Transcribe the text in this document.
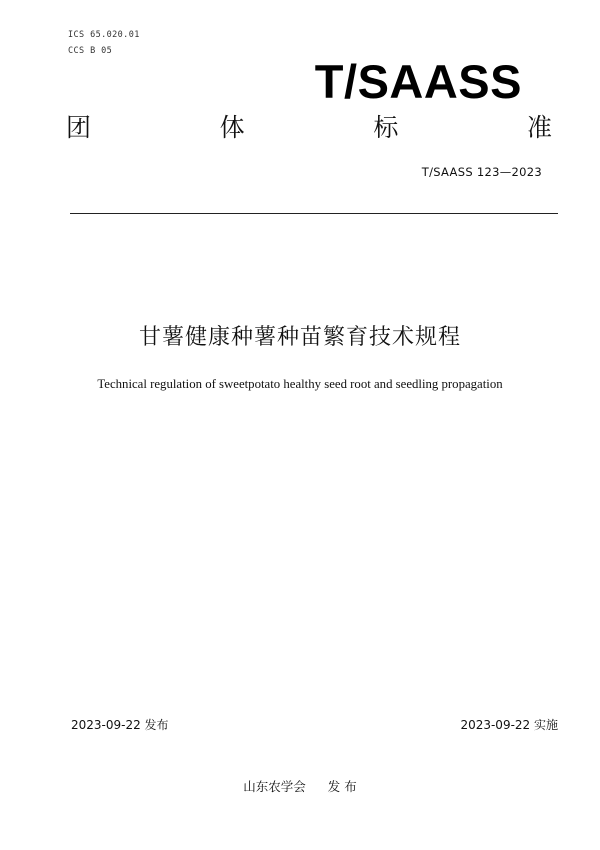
ICS 65.020.01
CCS B 05
T/SAASS
团	体	标	准
T/SAASS 123—2023
甘薯健康种薯种苗繁育技术规程
Technical regulation of sweetpotato healthy seed root and seedling propagation
2023-09-22 发布	2023-09-22 实施
山东农学会 发 布
